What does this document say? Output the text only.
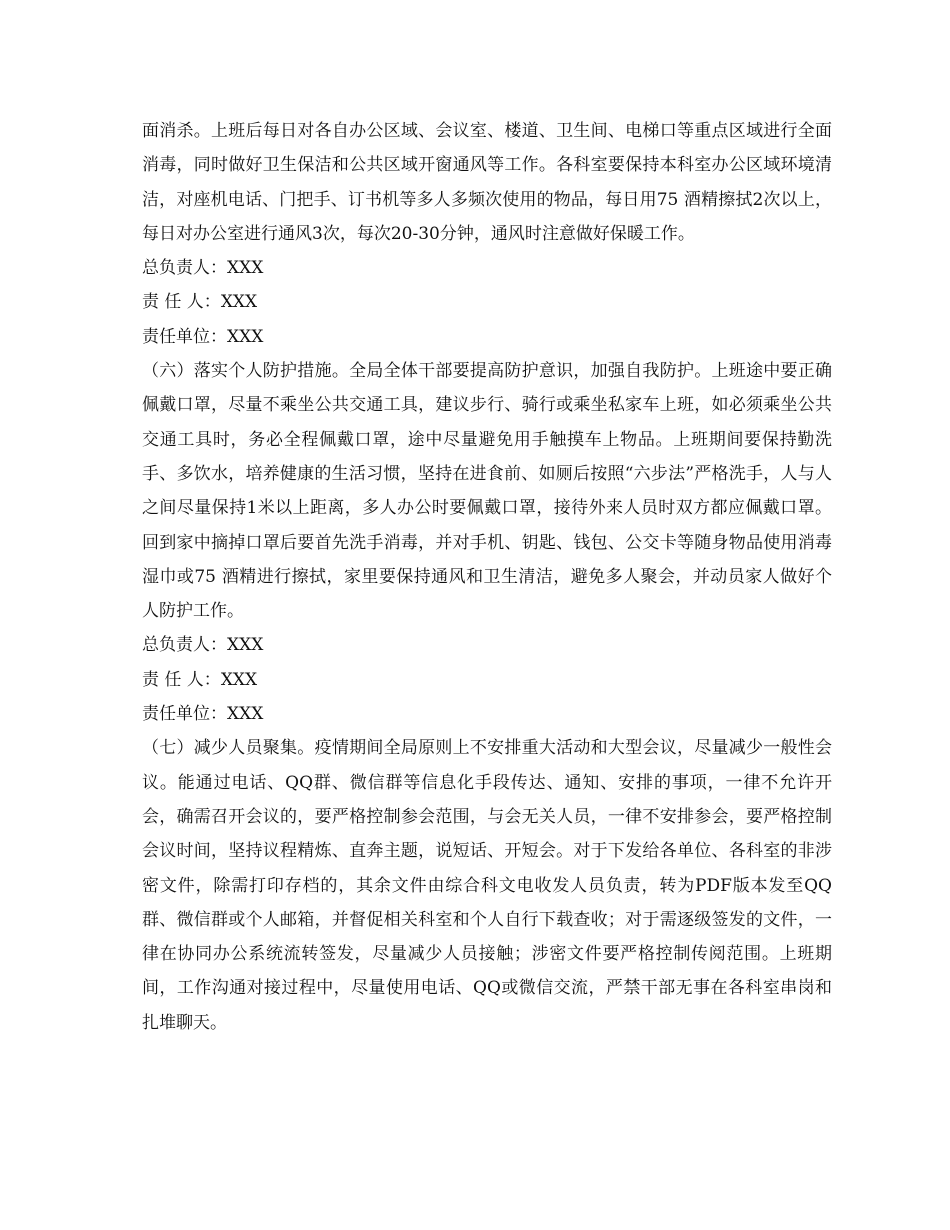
面消杀。上班后每日对各自办公区域、会议室、楼道、卫生间、电梯口等重点区域进行全面消毒，同时做好卫生保洁和公共区域开窗通风等工作。各科室要保持本科室办公区域环境清洁，对座机电话、门把手、订书机等多人多频次使用的物品，每日用75 酒精擦拭2次以上，每日对办公室进行通风3次，每次20-30分钟，通风时注意做好保暖工作。

总负责人：XXX

责 任 人：XXX

责任单位：XXX

（六）落实个人防护措施。全局全体干部要提高防护意识，加强自我防护。上班途中要正确佩戴口罩，尽量不乘坐公共交通工具，建议步行、骑行或乘坐私家车上班，如必须乘坐公共交通工具时，务必全程佩戴口罩，途中尽量避免用手触摸车上物品。上班期间要保持勤洗手、多饮水，培养健康的生活习惯，坚持在进食前、如厕后按照“六步法”严格洗手，人与人之间尽量保持1米以上距离，多人办公时要佩戴口罩，接待外来人员时双方都应佩戴口罩。回到家中摘掉口罩后要首先洗手消毒，并对手机、钥匙、钱包、公交卡等随身物品使用消毒湿巾或75 酒精进行擦拭，家里要保持通风和卫生清洁，避免多人聚会，并动员家人做好个人防护工作。

总负责人：XXX

责 任 人：XXX

责任单位：XXX

（七）减少人员聚集。疫情期间全局原则上不安排重大活动和大型会议，尽量减少一般性会议。能通过电话、QQ群、微信群等信息化手段传达、通知、安排的事项，一律不允许开会，确需召开会议的，要严格控制参会范围，与会无关人员，一律不安排参会，要严格控制会议时间，坚持议程精炼、直奔主题，说短话、开短会。对于下发给各单位、各科室的非涉密文件，除需打印存档的，其余文件由综合科文电收发人员负责，转为PDF版本发至QQ群、微信群或个人邮箱，并督促相关科室和个人自行下载查收；对于需逐级签发的文件，一律在协同办公系统流转签发，尽量减少人员接触；涉密文件要严格控制传阅范围。上班期间，工作沟通对接过程中，尽量使用电话、QQ或微信交流，严禁干部无事在各科室串岗和扎堆聊天。
